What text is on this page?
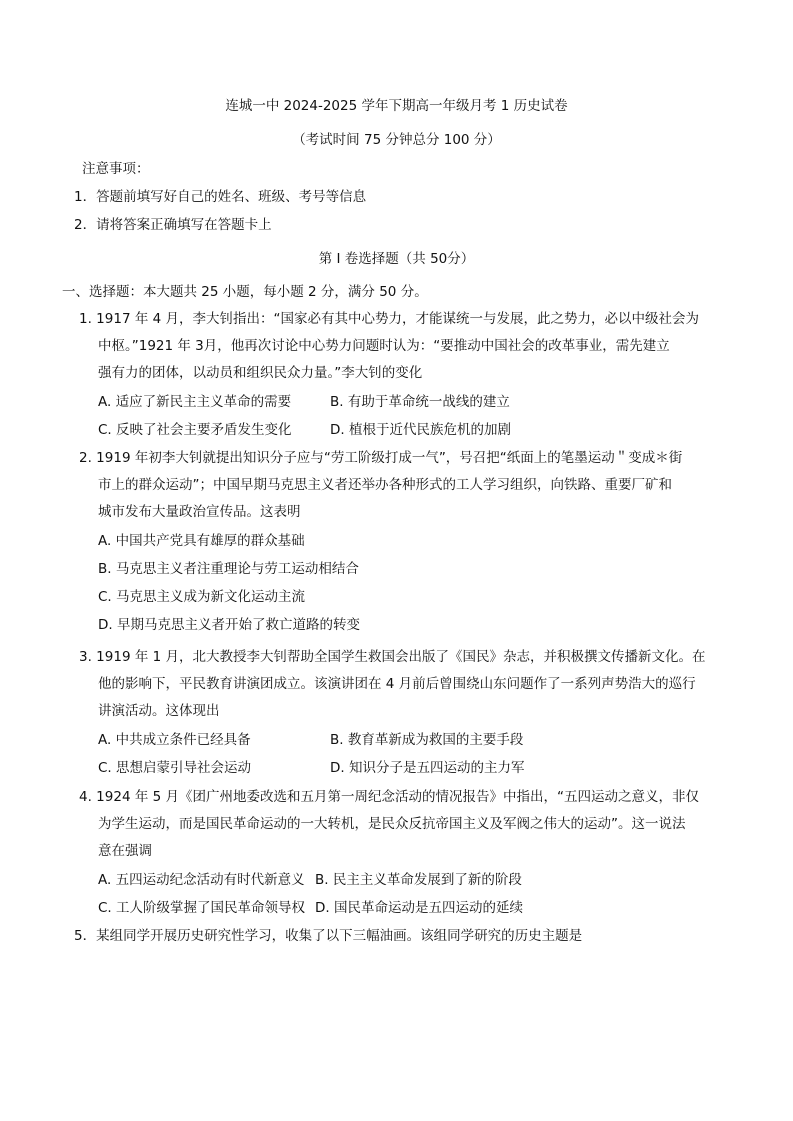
连城一中 2024-2025 学年下期高一年级月考 1 历史试卷
（考试时间 75 分钟总分 100 分）
注意事项：
1．答题前填写好自己的姓名、班级、考号等信息
2．请将答案正确填写在答题卡上
第 I 卷选择题（共 50分）
一、选择题：本大题共 25 小题，每小题 2 分，满分 50 分。
1. 1917 年 4 月，李大钊指出：“国家必有其中心势力，才能谋统一与发展，此之势力，必以中级社会为
中枢。”1921 年 3月，他再次讨论中心势力问题时认为：“要推动中国社会的改革事业，需先建立
强有力的团体，以动员和组织民众力量。”李大钊的变化
A. 适应了新民主主义革命的需要	B. 有助于革命统一战线的建立
C. 反映了社会主要矛盾发生变化	D. 植根于近代民族危机的加剧
2. 1919 年初李大钊就提出知识分子应与“劳工阶级打成一气”，号召把“纸面上的笔墨运动＂变成＊街
市上的群众运动”；中国早期马克思主义者还举办各种形式的工人学习组织，向铁路、重要厂矿和
城市发布大量政治宣传品。这表明
A. 中国共产党具有雄厚的群众基础
B. 马克思主义者注重理论与劳工运动相结合
C. 马克思主义成为新文化运动主流
D. 早期马克思主义者开始了救亡道路的转变
3. 1919 年 1 月，北大教授李大钊帮助全国学生救国会出版了《国民》杂志，并积极撰文传播新文化。在
他的影响下，平民教育讲演团成立。该演讲团在 4 月前后曾围绕山东问题作了一系列声势浩大的巡行
讲演活动。这体现出
A. 中共成立条件已经具备	B. 教育革新成为救国的主要手段
C. 思想启蒙引导社会运动	D. 知识分子是五四运动的主力军
4. 1924 年 5 月《团广州地委改选和五月第一周纪念活动的情况报告》中指出，“五四运动之意义，非仅
为学生运动，而是国民革命运动的一大转机，是民众反抗帝国主义及军阀之伟大的运动”。这一说法
意在强调
A. 五四运动纪念活动有时代新意义 B. 民主主义革命发展到了新的阶段
C. 工人阶级掌握了国民革命领导权 D. 国民革命运动是五四运动的延续
5．某组同学开展历史研究性学习，收集了以下三幅油画。该组同学研究的历史主题是
